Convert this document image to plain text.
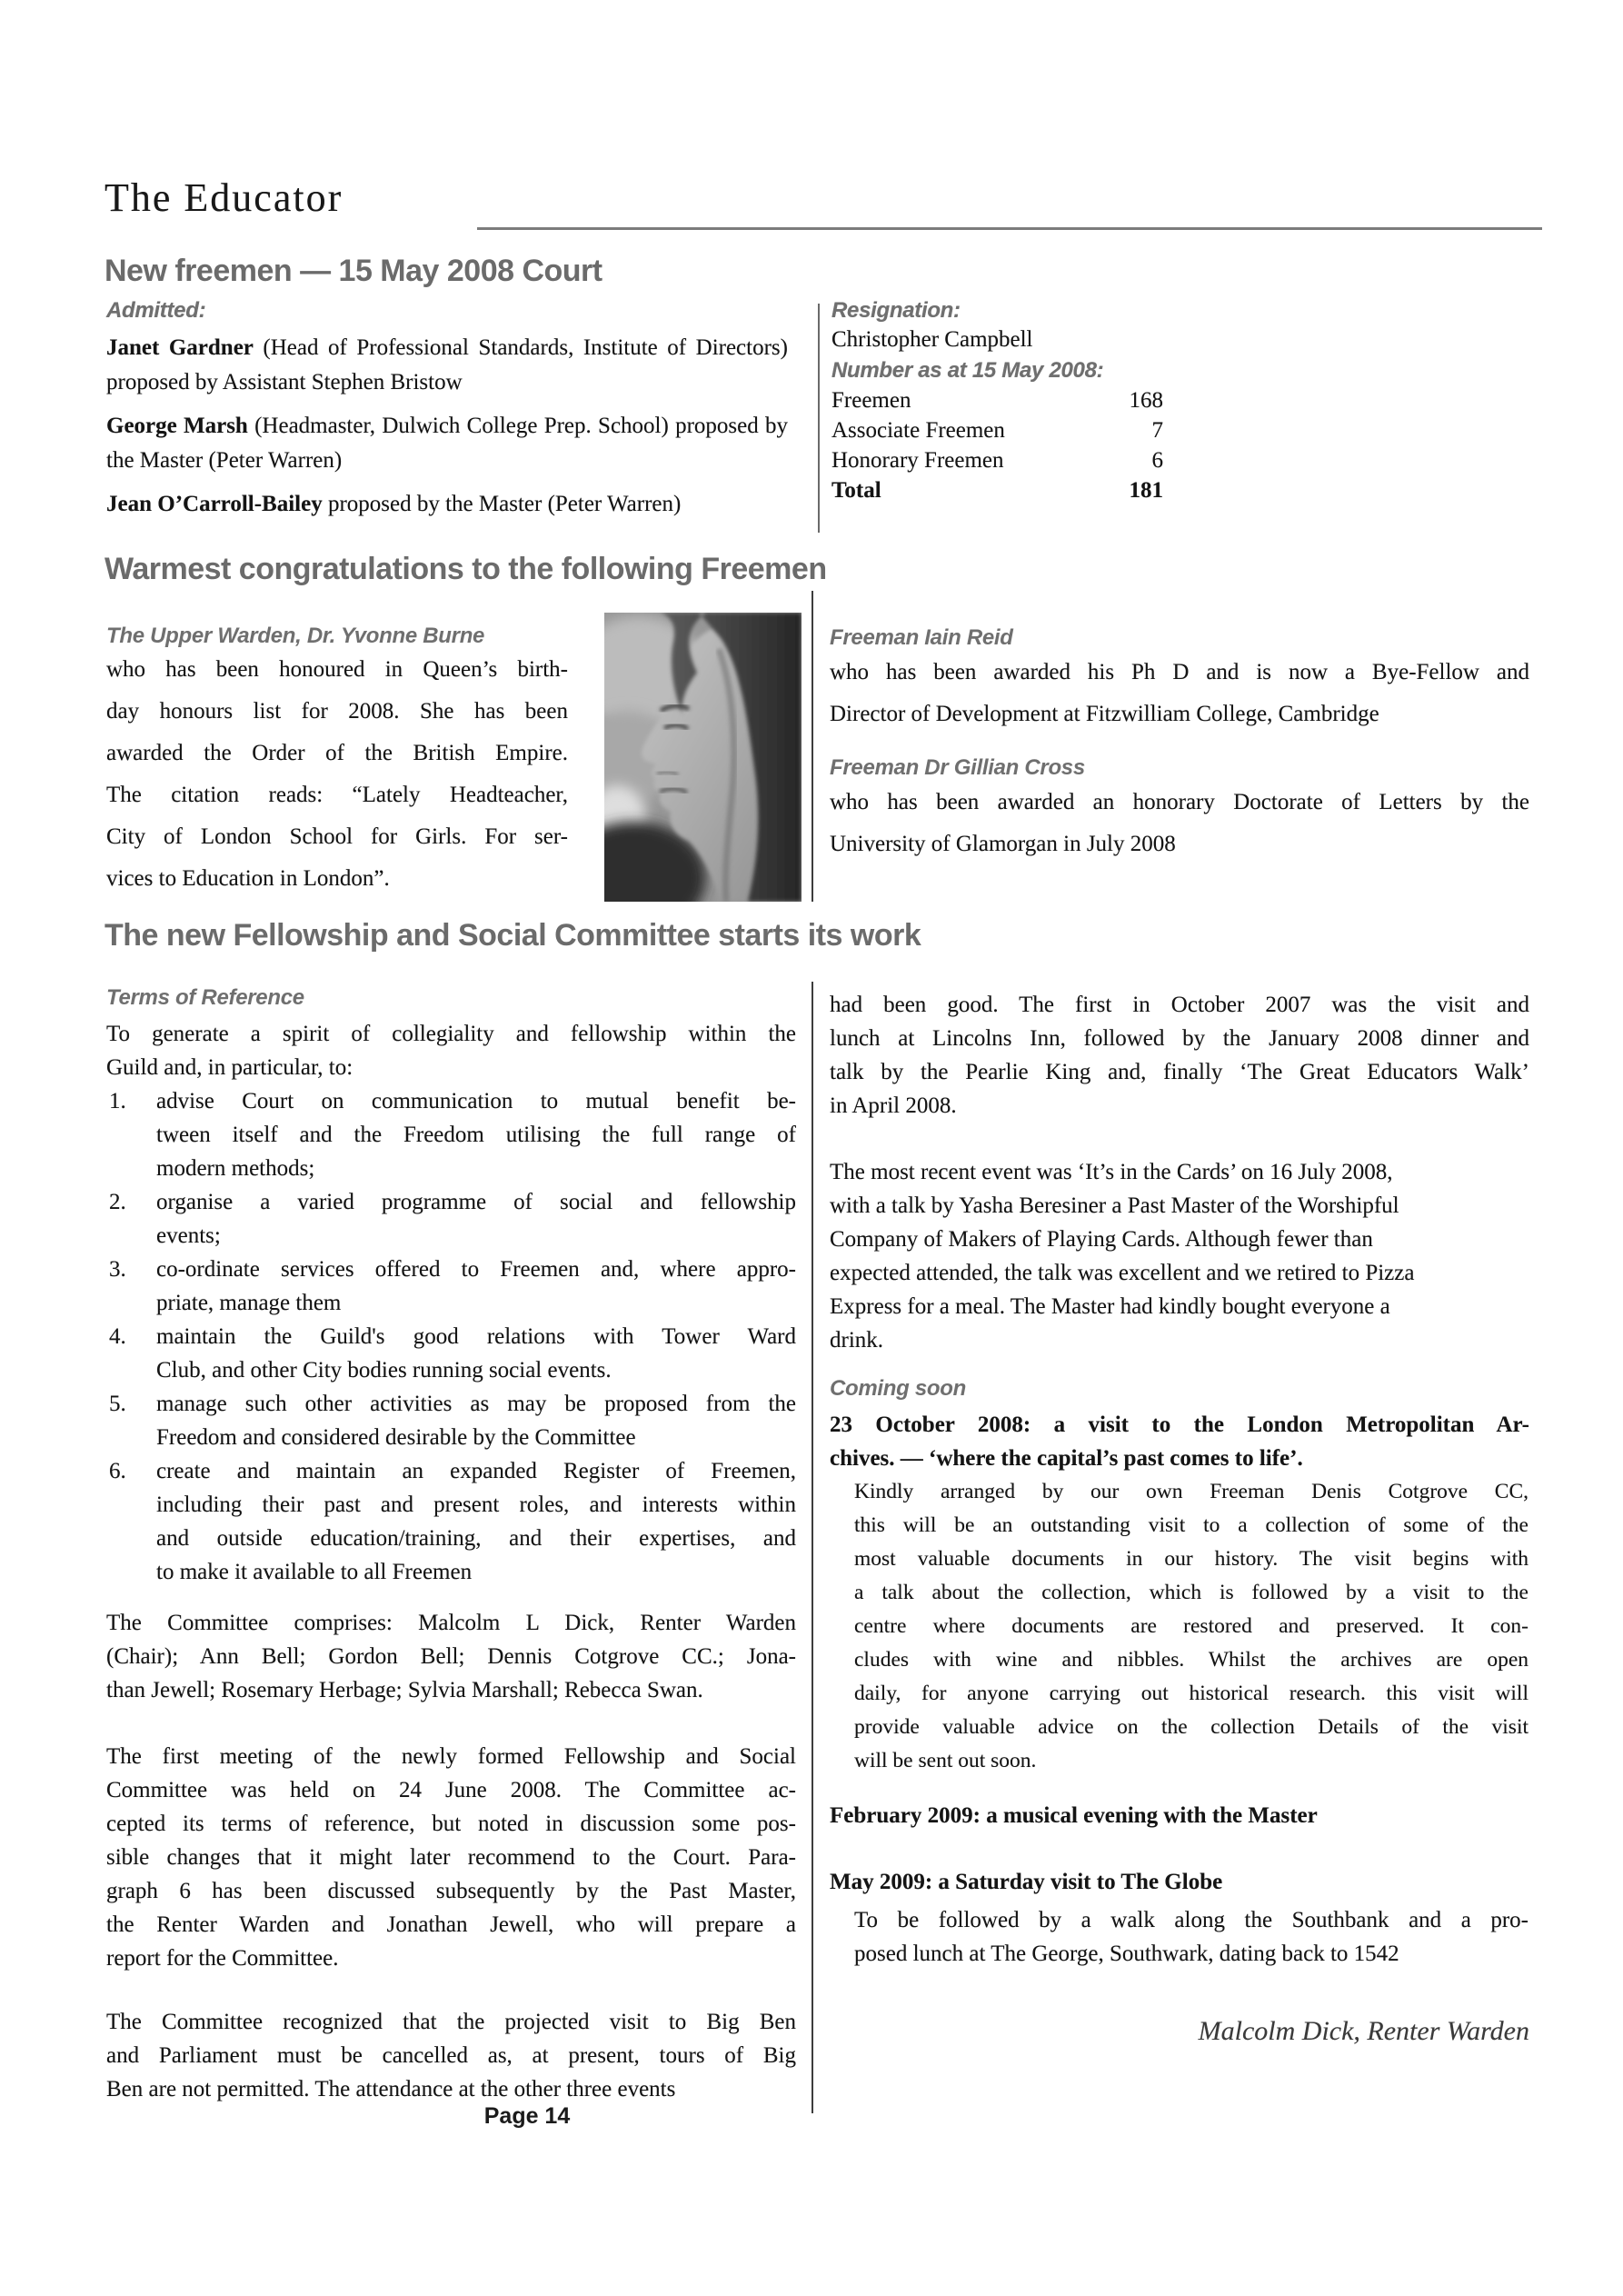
The Educator
New freemen — 15 May 2008 Court
Admitted:

Janet Gardner (Head of Professional Standards, Institute of Directors) proposed by Assistant Stephen Bristow

George Marsh (Headmaster, Dulwich College Prep. School) proposed by the Master (Peter Warren)

Jean O’Carroll-Bailey proposed by the Master (Peter Warren)

Resignation:
Christopher Campbell
Number as at 15 May 2008:
Freemen	168
Associate Freemen	7
Honorary Freemen	6
Total	181
Warmest congratulations to the following Freemen
The Upper Warden, Dr. Yvonne Burne
who has been honoured in Queen’s birth-
day honours list for 2008. She has been
awarded the Order of the British Empire.
The citation reads: “Lately Headteacher,
City of London School for Girls. For ser-
vices to Education in London”.
Freeman Iain Reid
who has been awarded his Ph D and is now a Bye-Fellow and
Director of Development at Fitzwilliam College, Cambridge
Freeman Dr Gillian Cross
who has been awarded an honorary Doctorate of Letters by the
University of Glamorgan in July 2008
The new Fellowship and Social Committee starts its work
Terms of Reference
To generate a spirit of collegiality and fellowship within the
Guild and, in particular, to:
1. advise Court on communication to mutual benefit be-
tween itself and the Freedom utilising the full range of
modern methods;
2. organise a varied programme of social and fellowship
events;
3. co-ordinate services offered to Freemen and, where appro-
priate, manage them
4. maintain the Guild's good relations with Tower Ward
Club, and other City bodies running social events.
5. manage such other activities as may be proposed from the
Freedom and considered desirable by the Committee
6. create and maintain an expanded Register of Freemen,
including their past and present roles, and interests within
and outside education/training, and their expertises, and
to make it available to all Freemen
The Committee comprises: Malcolm L Dick, Renter Warden
(Chair); Ann Bell; Gordon Bell; Dennis Cotgrove CC.; Jona-
than Jewell; Rosemary Herbage; Sylvia Marshall; Rebecca Swan.
The first meeting of the newly formed Fellowship and Social
Committee was held on 24 June 2008. The Committee ac-
cepted its terms of reference, but noted in discussion some pos-
sible changes that it might later recommend to the Court. Para-
graph 6 has been discussed subsequently by the Past Master,
the Renter Warden and Jonathan Jewell, who will prepare a
report for the Committee.
The Committee recognized that the projected visit to Big Ben
and Parliament must be cancelled as, at present, tours of Big
Ben are not permitted. The attendance at the other three events
had been good. The first in October 2007 was the visit and
lunch at Lincolns Inn, followed by the January 2008 dinner and
talk by the Pearlie King and, finally ‘The Great Educators Walk’
in April 2008.
The most recent event was ‘It’s in the Cards’ on 16 July 2008,
with a talk by Yasha Beresiner a Past Master of the Worshipful
Company of Makers of Playing Cards. Although fewer than
expected attended, the talk was excellent and we retired to Pizza
Express for a meal. The Master had kindly bought everyone a
drink.
Coming soon
23 October 2008: a visit to the London Metropolitan Ar-
chives. — ‘where the capital’s past comes to life’.
Kindly arranged by our own Freeman Denis Cotgrove CC,
this will be an outstanding visit to a collection of some of the
most valuable documents in our history. The visit begins with
a talk about the collection, which is followed by a visit to the
centre where documents are restored and preserved. It con-
cludes with wine and nibbles. Whilst the archives are open
daily, for anyone carrying out historical research. this visit will
provide valuable advice on the collection Details of the visit
will be sent out soon.
February 2009: a musical evening with the Master
May 2009: a Saturday visit to The Globe
To be followed by a walk along the Southbank and a pro-
posed lunch at The George, Southwark, dating back to 1542
Malcolm Dick, Renter Warden
Page 14
